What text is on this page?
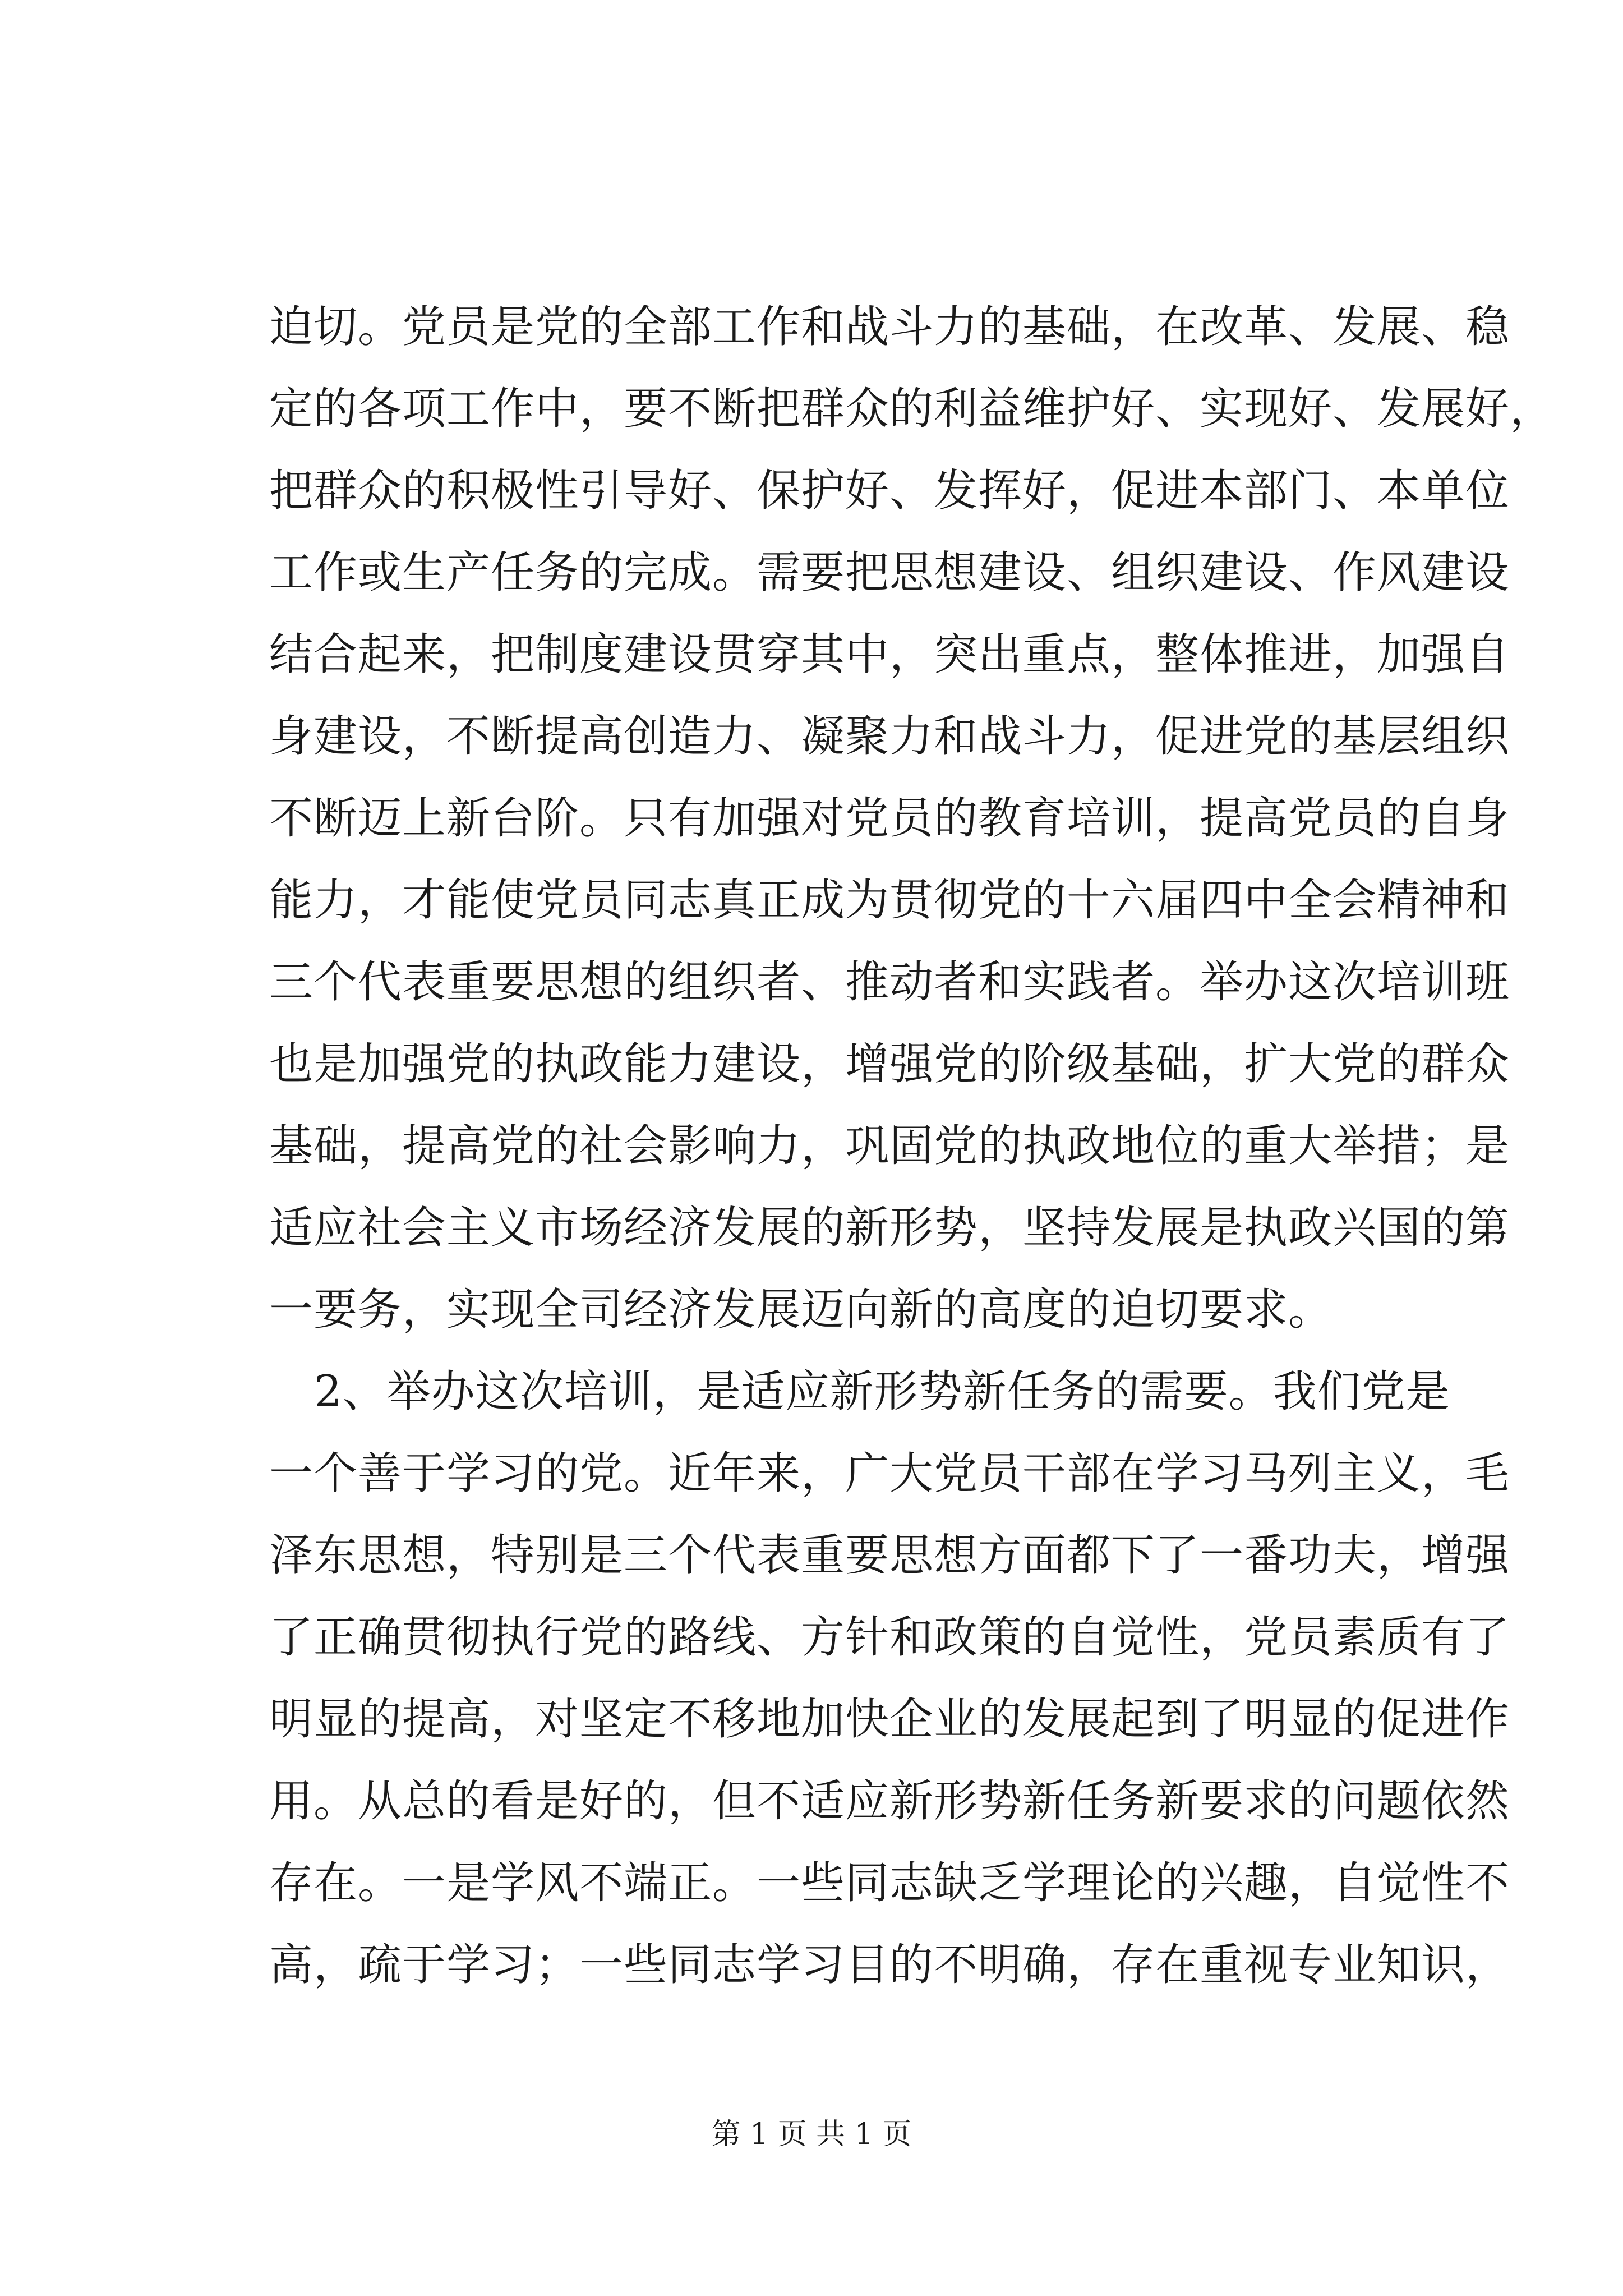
迫切。党员是党的全部工作和战斗力的基础，在改革、发展、稳
定的各项工作中，要不断把群众的利益维护好、实现好、发展好，
把群众的积极性引导好、保护好、发挥好，促进本部门、本单位
工作或生产任务的完成。需要把思想建设、组织建设、作风建设
结合起来，把制度建设贯穿其中，突出重点，整体推进，加强自
身建设，不断提高创造力、凝聚力和战斗力，促进党的基层组织
不断迈上新台阶。只有加强对党员的教育培训，提高党员的自身
能力，才能使党员同志真正成为贯彻党的十六届四中全会精神和
三个代表重要思想的组织者、推动者和实践者。举办这次培训班
也是加强党的执政能力建设，增强党的阶级基础，扩大党的群众
基础，提高党的社会影响力，巩固党的执政地位的重大举措；是
适应社会主义市场经济发展的新形势，坚持发展是执政兴国的第
一要务，实现全司经济发展迈向新的高度的迫切要求。
2、举办这次培训，是适应新形势新任务的需要。我们党是
一个善于学习的党。近年来，广大党员干部在学习马列主义，毛
泽东思想，特别是三个代表重要思想方面都下了一番功夫，增强
了正确贯彻执行党的路线、方针和政策的自觉性，党员素质有了
明显的提高，对坚定不移地加快企业的发展起到了明显的促进作
用。从总的看是好的，但不适应新形势新任务新要求的问题依然
存在。一是学风不端正。一些同志缺乏学理论的兴趣，自觉性不
高，疏于学习；一些同志学习目的不明确，存在重视专业知识，
第 1 页 共 1 页
